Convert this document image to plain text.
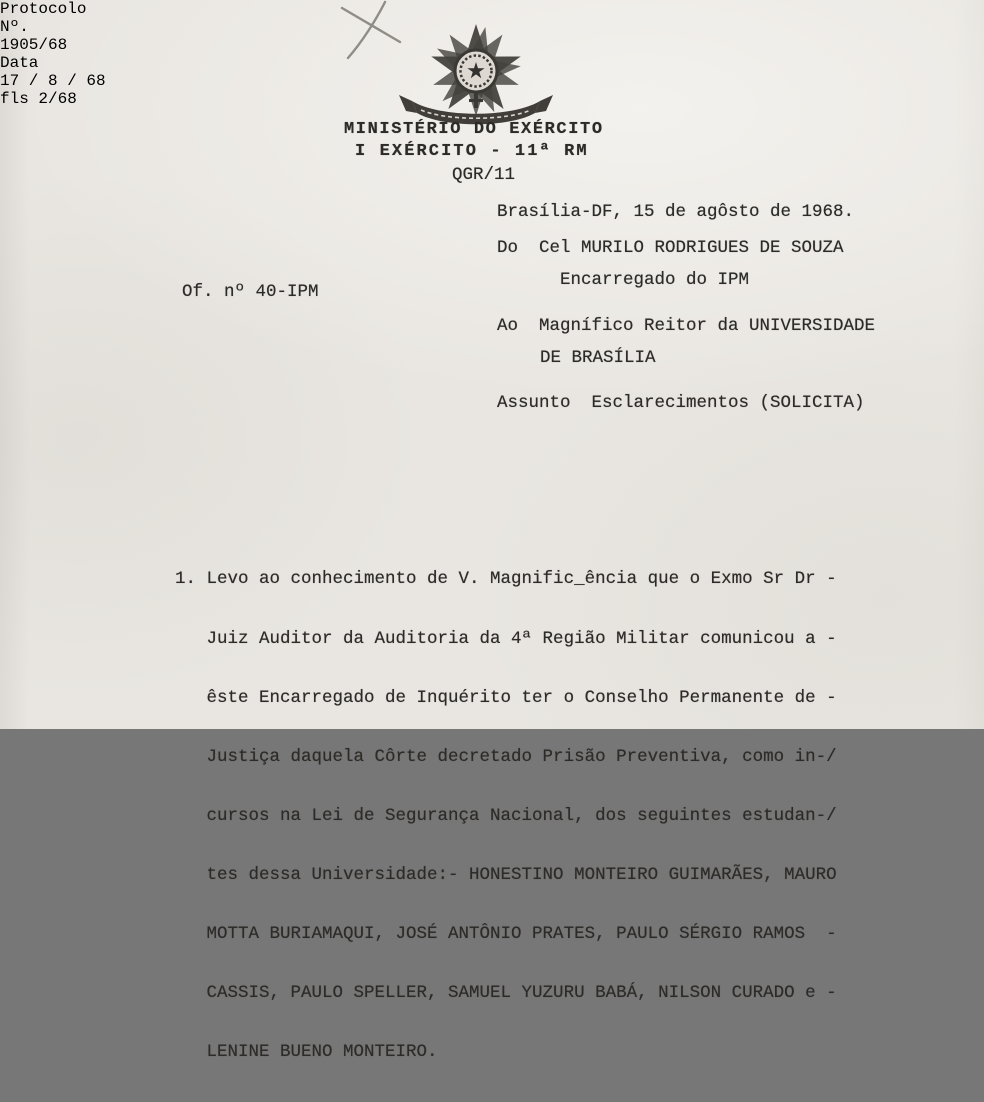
Protocolo
Nº.
1905/68
Data
17 / 8 / 68
fls 2/68
MINISTÉRIO DO EXÉRCITO
I EXÉRCITO - 11ª RM
QGR/11
Brasília-DF, 15 de agôsto de 1968.
Do  Cel MURILO RODRIGUES DE SOUZA
Encarregado do IPM
Of. nº 40-IPM
Ao  Magnífico Reitor da UNIVERSIDADE
DE BRASÍLIA
Assunto  Esclarecimentos (SOLICITA)

1. Levo ao conhecimento de V. Magnific_ência que o Exmo Sr Dr -

Juiz Auditor da Auditoria da 4ª Região Militar comunicou a -

êste Encarregado de Inquérito ter o Conselho Permanente de -

Justiça daquela Côrte decretado Prisão Preventiva, como in-/

cursos na Lei de Segurança Nacional, dos seguintes estudan-/

tes dessa Universidade:- HONESTINO MONTEIRO GUIMARÃES, MAURO

MOTTA BURIAMAQUI, JOSÉ ANTÔNIO PRATES, PAULO SÉRGIO RAMOS  -

CASSIS, PAULO SPELLER, SAMUEL YUZURU BABÁ, NILSON CURADO e -

LENINE BUENO MONTEIRO.
